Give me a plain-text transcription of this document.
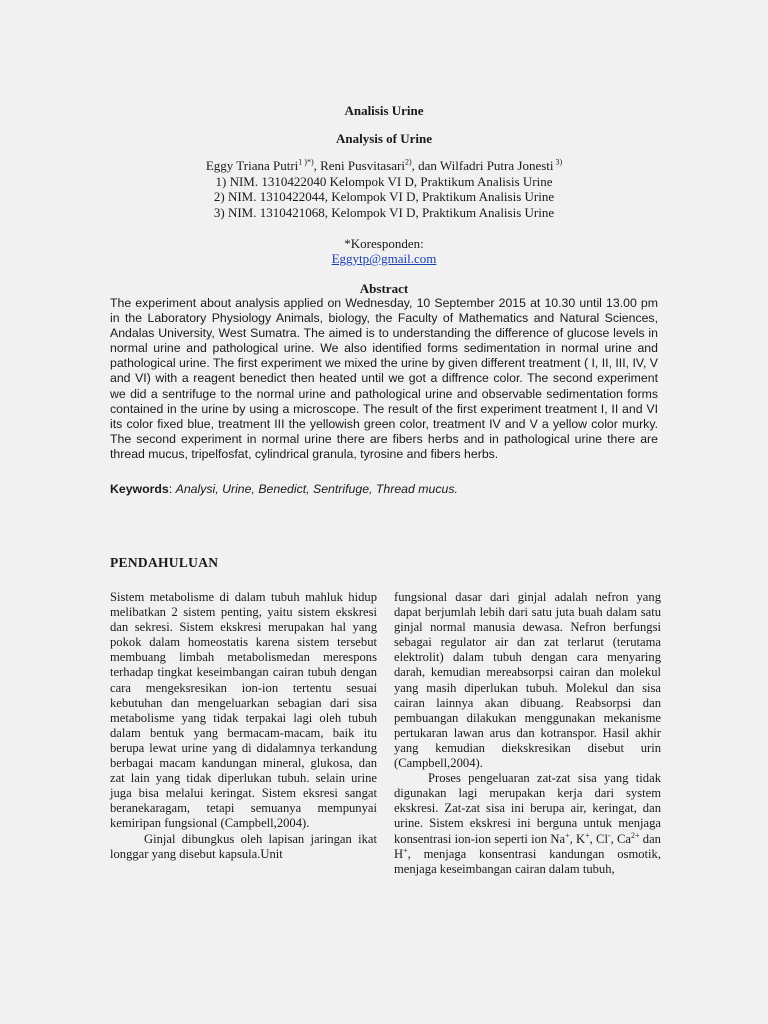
Analisis Urine
Analysis of Urine
Eggy Triana Putri$^{1 )*)}$, Reni Pusvitasari$^{2)}$, dan Wilfadri Putra Jonesti $^{3)}$
1) NIM. 1310422040 Kelompok VI D, Praktikum Analisis Urine
2) NIM. 1310422044, Kelompok VI D, Praktikum Analisis Urine
3) NIM. 1310421068, Kelompok VI D, Praktikum Analisis Urine
*Koresponden:
Eggytp@gmail.com
Abstract
The experiment about analysis applied on Wednesday, 10 September 2015 at 10.30 until 13.00 pm in the Laboratory Physiology Animals, biology, the Faculty of Mathematics and Natural Sciences, Andalas University, West Sumatra. The aimed is to understanding the difference of glucose levels in normal urine and pathological urine. We also identified forms sedimentation in normal urine and pathological urine. The first experiment we mixed the urine by given different treatment ( I, II, III, IV, V and VI) with a reagent benedict then heated until we got a diffrence color. The second experiment we did a sentrifuge to the normal urine and pathological urine and observable sedimentation forms contained in the urine by using a microscope. The result of the first experiment treatment I, II and VI its color fixed blue, treatment III the yellowish green color, treatment IV and V a yellow color murky. The second experiment in normal urine there are fibers herbs and in pathological urine there are thread mucus, tripelfosfat, cylindrical granula, tyrosine and fibers herbs.
Keywords: Analysi, Urine, Benedict, Sentrifuge, Thread mucus.
PENDAHULUAN

Sistem metabolisme di dalam tubuh mahluk hidup melibatkan 2 sistem penting, yaitu sistem ekskresi dan sekresi. Sistem ekskresi merupakan hal yang pokok dalam homeostatis karena sistem tersebut membuang limbah metabolismedan merespons terhadap tingkat keseimbangan cairan tubuh dengan cara mengeksresikan ion-ion tertentu sesuai kebutuhan dan mengeluarkan sebagian dari sisa metabolisme yang tidak terpakai lagi oleh tubuh dalam bentuk yang bermacam-macam, baik itu berupa lewat urine yang di didalamnya terkandung berbagai macam kandungan mineral, glukosa, dan zat lain yang tidak diperlukan tubuh. selain urine juga bisa melalui keringat. Sistem eksresi sangat beranekaragam, tetapi semuanya mempunyai kemiripan fungsional (Campbell,2004).

Ginjal dibungkus oleh lapisan jaringan ikat longgar yang disebut kapsula.Unit

fungsional dasar dari ginjal adalah nefron yang dapat berjumlah lebih dari satu juta buah dalam satu ginjal normal manusia dewasa. Nefron berfungsi sebagai regulator air dan zat terlarut (terutama elektrolit) dalam tubuh dengan cara menyaring darah, kemudian mereabsorpsi cairan dan molekul yang masih diperlukan tubuh. Molekul dan sisa cairan lainnya akan dibuang. Reabsorpsi dan pembuangan dilakukan menggunakan mekanisme pertukaran lawan arus dan kotranspor. Hasil akhir yang kemudian diekskresikan disebut urin (Campbell,2004).

Proses pengeluaran zat-zat sisa yang tidak digunakan lagi merupakan kerja dari system ekskresi. Zat-zat sisa ini berupa air, keringat, dan urine. Sistem ekskresi ini berguna untuk menjaga konsentrasi ion-ion seperti ion Na+, K+, Cl-, $Ca^{2+}$ dan H+, menjaga konsentrasi kandungan osmotik, menjaga keseimbangan cairan dalam tubuh,
